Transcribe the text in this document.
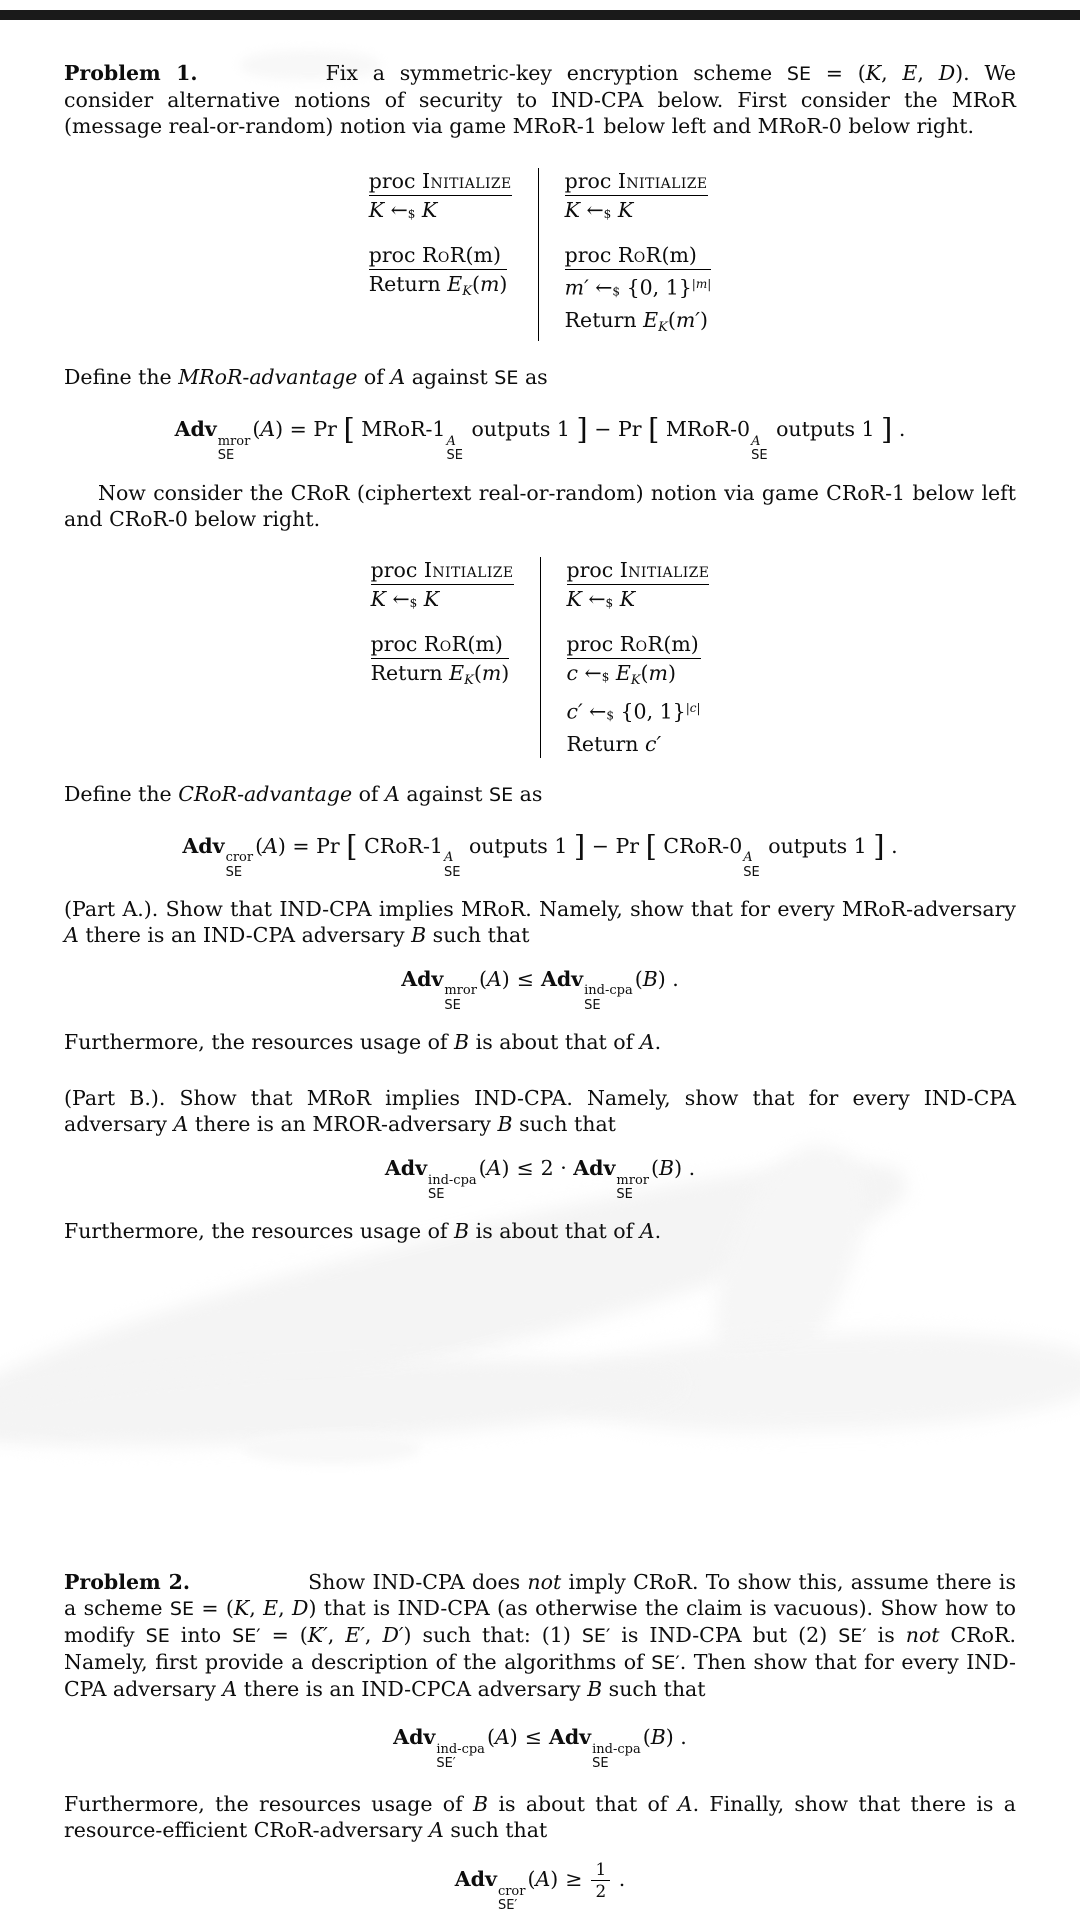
Problem 1.	Fix a symmetric-key encryption scheme SE = (K, E, D). We consider alternative notions of security to IND-CPA below. First consider the MRoR (message real-or-random) notion via game MRoR-1 below left and MRoR-0 below right.

proc Initialize
K ←$ K
proc RoR(m)
Return EK(m)
proc Initialize
K ←$ K
proc RoR(m)
m′ ←$ {0, 1}$^{|m|}$
Return EK(m′)

Define the MRoR-advantage of A against SE as

Adv mror
SE
(A) = Pr [ MRoR-1 A
SE
outputs 1 ] − Pr [ MRoR-0 A
SE
outputs 1 ] .

Now consider the CRoR (ciphertext real-or-random) notion via game CRoR-1 below left and CRoR-0 below right.

proc Initialize
K ←$ K
proc RoR(m)
Return EK(m)
proc Initialize
K ←$ K
proc RoR(m)
c ←$ EK(m)
c′ ←$ {0, 1}$^{|c|}$
Return c′

Define the CRoR-advantage of A against SE as

Adv cror
SE
(A) = Pr [ CRoR-1 A
SE
outputs 1 ] − Pr [ CRoR-0 A
SE
outputs 1 ] .

(Part A.). Show that IND-CPA implies MRoR. Namely, show that for every MRoR-adversary A there is an IND-CPA adversary B such that

Adv mror
SE
(A) ≤ Adv ind-cpa
SE
(B) .

Furthermore, the resources usage of B is about that of A.

(Part B.). Show that MRoR implies IND-CPA. Namely, show that for every IND-CPA adversary A there is an MROR-adversary B such that

Adv ind-cpa
SE
(A) ≤ 2 · Adv mror
SE
(B) .

Furthermore, the resources usage of B is about that of A.

Problem 2.	Show IND-CPA does not imply CRoR. To show this, assume there is a scheme SE = (K, E, D) that is IND-CPA (as otherwise the claim is vacuous). Show how to modify SE into SE′ = (K′, E′, D′) such that: (1) SE′ is IND-CPA but (2) SE′ is not CRoR. Namely, first provide a description of the algorithms of SE′. Then show that for every IND-CPA adversary A there is an IND-CPCA adversary B such that

Adv ind-cpa
SE′
(A) ≤ Adv ind-cpa
SE
(B) .

Furthermore, the resources usage of B is about that of A. Finally, show that there is a resource-efficient CRoR-adversary A such that

Adv cror
SE′
$(A) \ge \frac{1}{2}$ .
